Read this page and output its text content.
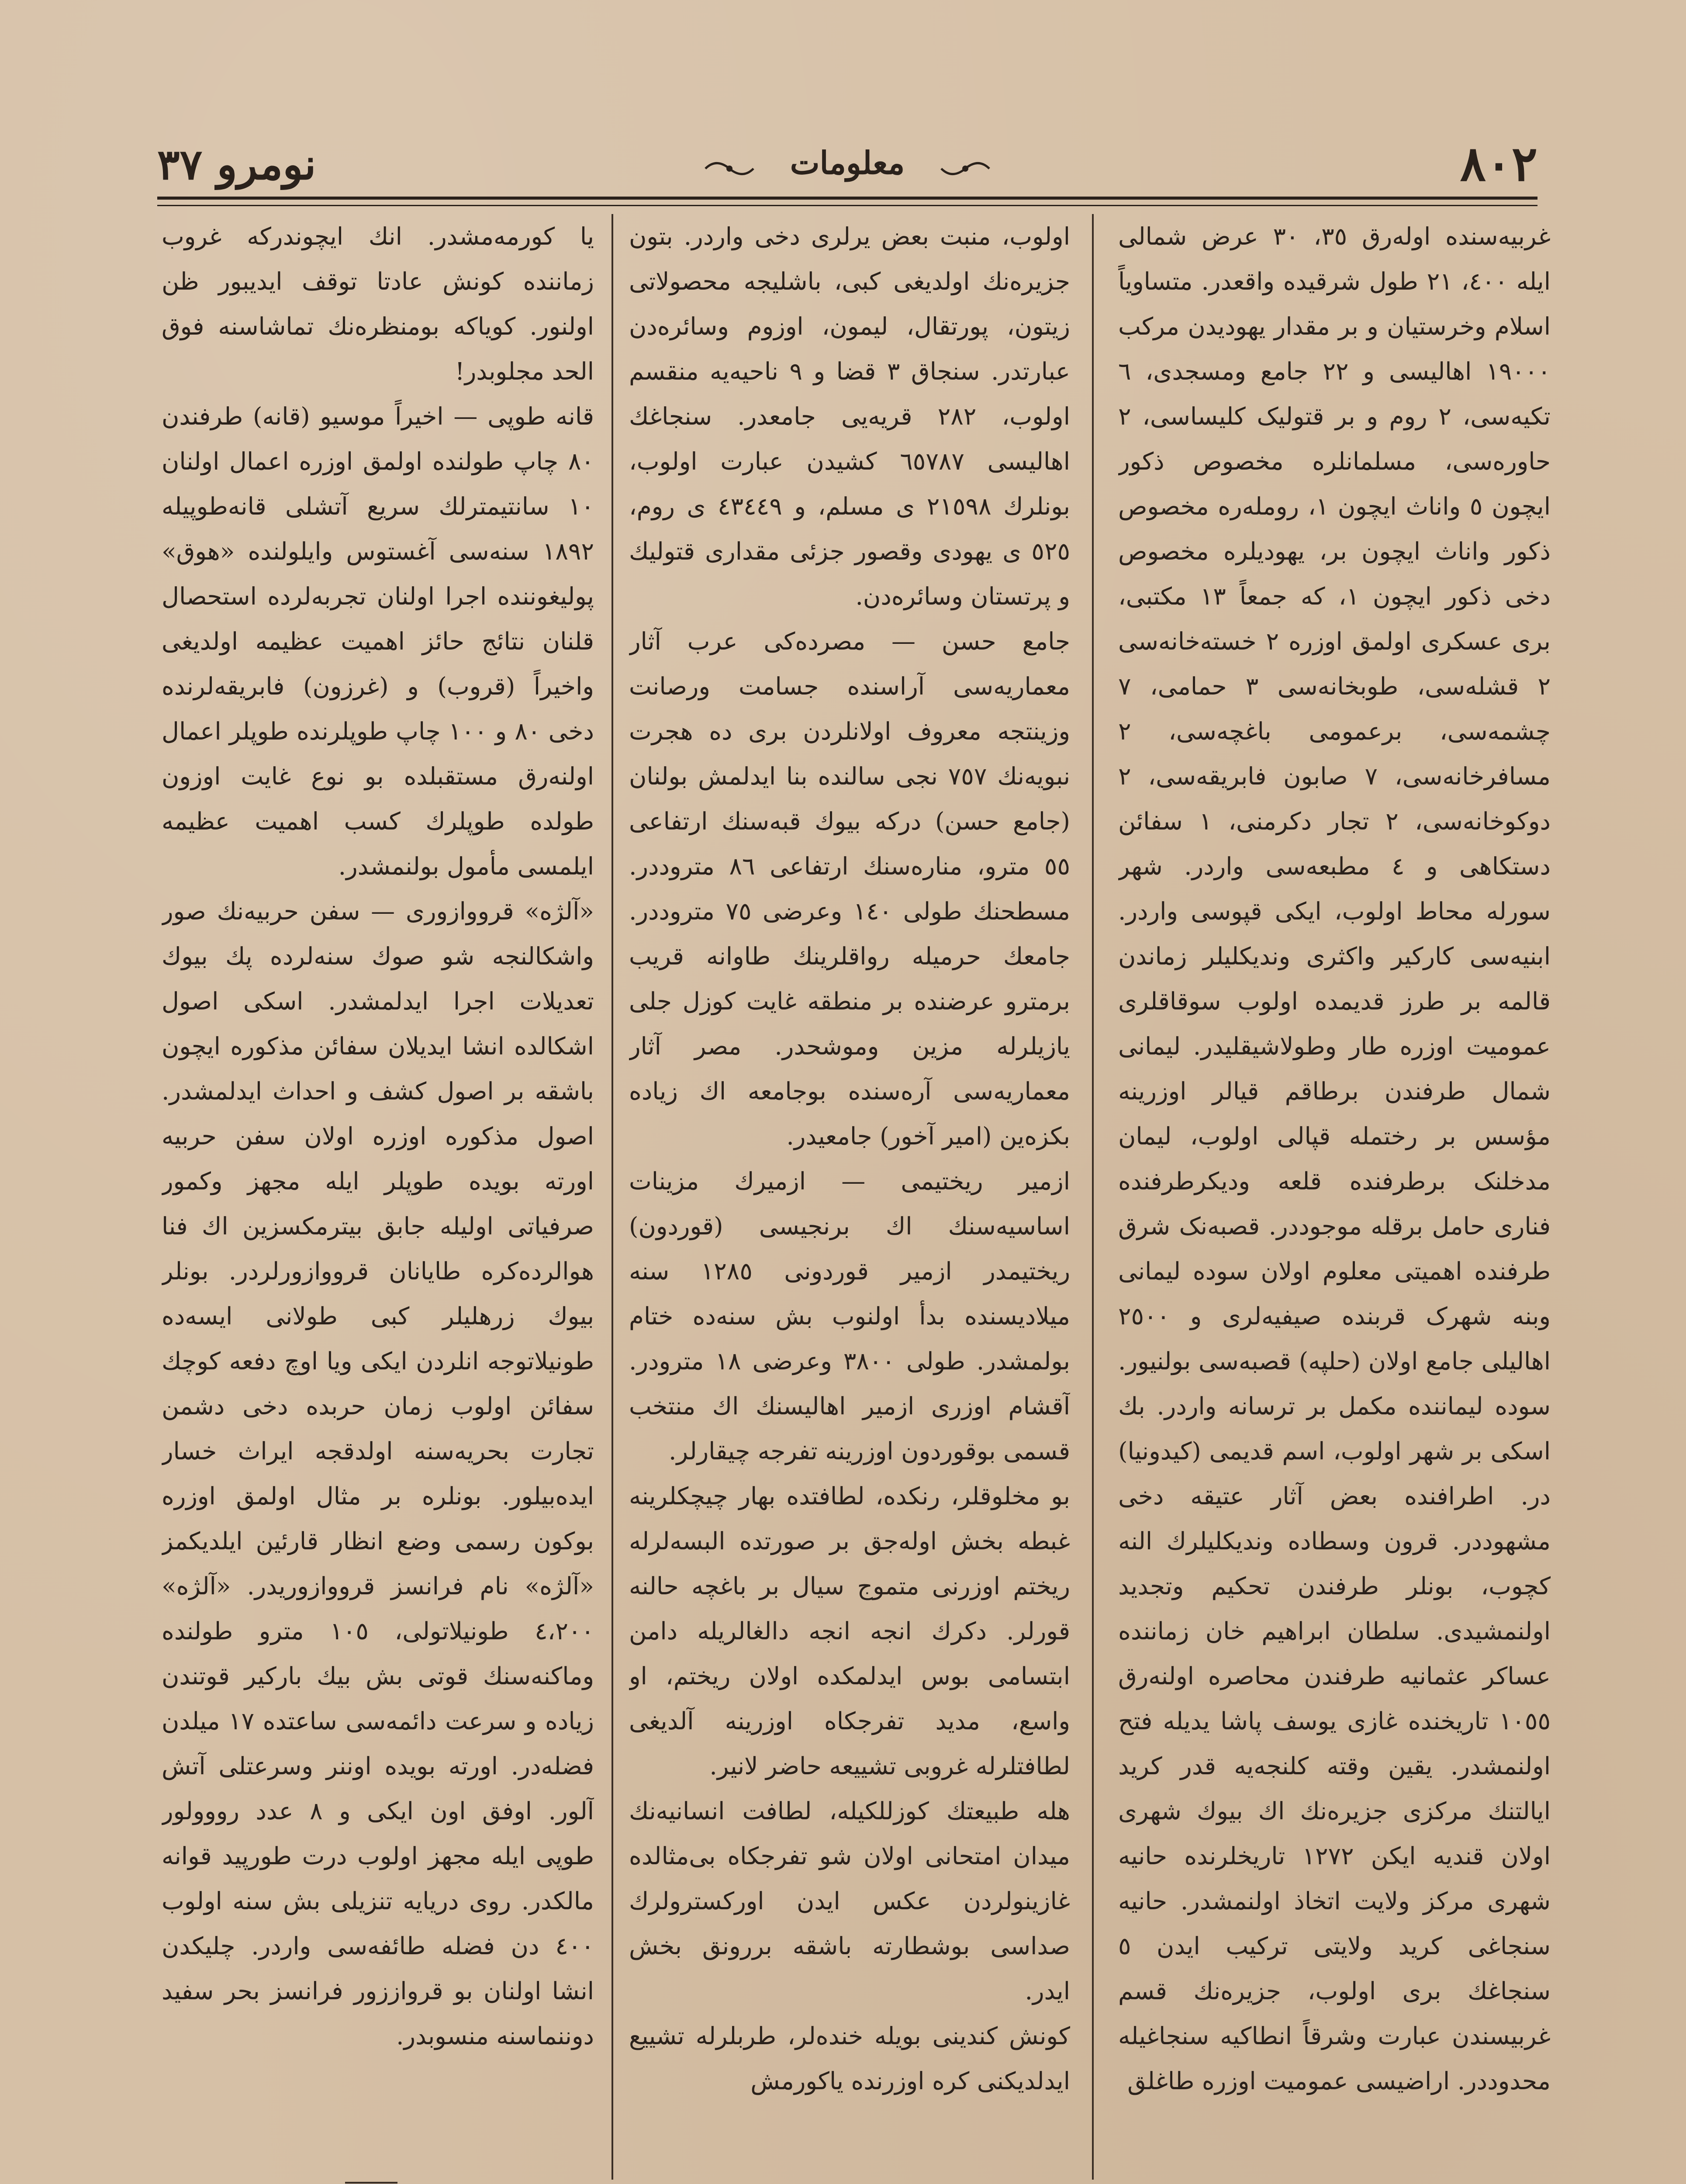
٨٠٢
معلومات
نومرو ٣٧

غربیه‌سنده اوله‌رق ٣٥، ٣٠ عرض شمالی ایله ٤٠٠، ٢١ طول شرقیده واقعدر. متساویاً اسلام وخرستیان و بر مقدار یهودیدن مرکب ١٩٠٠٠ اهالیسی و ٢٢ جامع ومسجدی، ٦ تکیه‌سی، ٢ روم و بر قتولیک کلیساسی، ٢ حاوره‌سی، مسلمانلره مخصوص ذکور ایچون ٥ واناث ایچون ١، رومله‌ره مخصوص ذکور واناث ایچون بر، یهودیلره مخصوص دخی ذکور ایچون ١، که جمعاً ١٣ مکتبی، بری عسکری اولمق اوزره ٢ خسته‌خانه‌سی ٢ قشله‌سی، طوبخانه‌سی ٣ حمامی، ٧ چشمه‌سی، برعمومی باغچه‌سی، ٢ مسافرخانه‌سی، ٧ صابون فابریقه‌سی، ٢ دوکوخانه‌سی، ٢ تجار دکرمنی، ١ سفائن دستکاهی و ٤ مطبعه‌سی واردر. شهر سورله محاط اولوب، ایکی قپوسی واردر. ابنیه‌سی کارکیر واکثری وندیکلیلر زماندن قالمه بر طرز قدیمده اولوب سوقاقلری عمومیت اوزره طار وطولاشیقلیدر. لیمانی شمال طرفندن برطاقم قیالر اوزرینه مؤسس بر رختمله قپالی اولوب، لیمان مدخلنک برطرفنده قلعه ودیکرطرفنده فناری حامل برقله موجوددر. قصبه‌نک شرق طرفنده اهمیتی معلوم اولان سوده لیمانی وبنه شهرک قربنده صیفیه‌لری و ٢٥٠٠ اهالیلی جامع اولان (حلپه) قصبه‌سی بولنیور. سوده لیماننده مکمل بر ترسانه واردر. بك اسکی بر شهر اولوب، اسم قدیمی (کیدونیا) در. اطرافنده بعض آثار عتیقه دخی مشهوددر. قرون وسطاده وندیکلیلرك النه کچوب، بونلر طرفندن تحکیم وتجدید اولنمشیدی. سلطان ابراهیم خان زماننده عساکر عثمانیه طرفندن محاصره اولنه‌رق ١٠٥٥ تاریخنده غازی یوسف پاشا یدیله فتح اولنمشدر. یقین وقته کلنجه‌یه قدر کرید ایالتنك مرکزی جزیره‌نك اك بیوك شهری اولان قندیه ایکن ١٢٧٢ تاریخلرنده حانیه شهری مرکز ولایت اتخاذ اولنمشدر. حانیه سنجاغی کرید ولایتی ترکیب ایدن ٥ سنجاغك بری اولوب، جزیره‌نك قسم غربیسندن عبارت وشرقاً انطاکیه سنجاغیله محدوددر. اراضیسی عمومیت اوزره طاغلق

اولوب، منبت بعض یرلری دخی واردر. بتون جزیره‌نك اولدیغی کبی، باشلیجه محصولاتی زیتون، پورتقال، لیمون، اوزوم وسائره‌دن عبارتدر. سنجاق ٣ قضا و ٩ ناحیه‌یه منقسم اولوب، ٢٨٢ قریه‌یی جامعدر. سنجاغك اهالیسی ٦٥٧٨٧ کشیدن عبارت اولوب، بونلرك ٢١٥٩٨ ی مسلم، و ٤٣٤٤٩ ی روم، ٥٢٥ ی یهودی وقصور جزئی مقداری قتولیك و پرتستان وسائره‌دن.

جامع حسن — مصرده‌کی عرب آثار معماریه‌سی آراسنده جسامت ورصانت وزینتجه معروف اولانلردن بری ده هجرت نبویه‌نك ٧٥٧ نجی سالنده بنا ایدلمش بولنان (جامع حسن) درکه بیوك قبه‌سنك ارتفاعی ٥٥ مترو، مناره‌سنك ارتفاعی ٨٦ متروددر. مسطحنك طولی ١٤٠ وعرضی ٧٥ متروددر. جامعك حرمیله رواقلرینك طاوانه قریب برمترو عرضنده بر منطقه غایت کوزل جلی یازیلرله مزین وموشحدر. مصر آثار معماریه‌سی آره‌سنده بوجامعه اك زیاده بکزه‌ین (امیر آخور) جامعیدر.

ازمیر ریختیمی — ازمیرك مزینات اساسیه‌سنك اك برنجیسی (قوردون) ریختیمدر ازمیر قوردونی ١٢٨٥ سنه میلادیسنده بدأ اولنوب بش سنه‌ده ختام بولمشدر. طولی ٣٨٠٠ وعرضی ١٨ مترودر. آقشام اوزری ازمیر اهالیسنك اك منتخب قسمی بوقوردون اوزرینه تفرجه چیقارلر.

بو مخلوقلر، رنکده، لطافتده بهار چیچکلرینه غبطه بخش اوله‌جق بر صورتده البسه‌لرله ریختم اوزرنی متموج سیال بر باغچه حالنه قورلر. دکرك انجه انجه دالغالریله دامن ابتسامی بوس ایدلمکده اولان ریختم، او واسع، مدید تفرجکاه اوزرینه آلدیغی لطافتلرله غروبی تشییعه حاضر لانیر.

هله طبیعتك کوزللکیله، لطافت انسانیه‌نك میدان امتحانی اولان شو تفرجکاه بی‌مثالده غازینولردن عکس ایدن اورکسترولرك صداسی بوشطارته باشقه بررونق بخش ایدر.

کونش کندینی بویله خنده‌لر، طربلرله تشییع ایدلدیکنی کره اوزرنده یاکورمش

یا کورمه‌مشدر. انك ایچوندرکه غروب زماننده کونش عادتا توقف ایدیبور ظن اولنور. کویاکه بومنظره‌نك تماشاسنه فوق الحد مجلوبدر!

قانه طوپی — اخیراً موسیو (قانه) طرفندن ٨٠ چاپ طولنده اولمق اوزره اعمال اولنان ١٠ سانتیمترلك سریع آتشلی قانه‌طوپیله ١٨٩٢ سنه‌سی آغستوس وایلولنده «هوق» پولیغوننده اجرا اولنان تجربه‌لرده استحصال قلنان نتائج حائز اهمیت عظیمه اولدیغی واخیراً (قروب) و (غرزون) فابریقه‌لرنده دخی ٨٠ و ١٠٠ چاپ طوپلرنده طوپلر اعمال اولنه‌رق مستقبلده بو نوع غایت اوزون طولده طوپلرك کسب اهمیت عظیمه ایلمسی مأمول بولنمشدر.

«آلژه» قرووازوری — سفن حربیه‌نك صور واشکالنجه شو صوك سنه‌لرده پك بیوك تعدیلات اجرا ایدلمشدر. اسکی اصول اشکالده انشا ایدیلان سفائن مذکوره ایچون باشقه بر اصول کشف و احداث ایدلمشدر. اصول مذکوره اوزره اولان سفن حربیه اورته بویده طوپلر ایله مجهز وکمور صرفیاتی اولیله جابق بیترمکسزین اك فنا هوالرده‌کره طایانان قرووازورلردر. بونلر بیوك زرهلیلر کبی طولانی ایسه‌ده طونیلاتوجه انلردن ایکی ویا اوچ دفعه کوچك سفائن اولوب زمان حربده دخی دشمن تجارت بحریه‌سنه اولدقجه ایراث خسار ایده‌بیلور. بونلره بر مثال اولمق اوزره بوکون رسمی وضع انظار قارئین ایلدیکمز «آلژه» نام فرانسز قرووازوریدر. «آلژه» ٤،٢٠٠ طونیلاتولی، ١٠٥ مترو طولنده وماکنه‌سنك قوتی بش بیك بارکیر قوتندن زیاده و سرعت دائمه‌سی ساعتده ١٧ میلدن فضله‌در. اورته بویده اوننر وسرعتلی آتش آلور. اوفق اون ایکی و ٨ عدد رووولور طوپی ایله مجهز اولوب درت طورپید قوانه مالکدر. روی دریایه تنزیلی بش سنه اولوب ٤٠٠ دن فضله طائفه‌سی واردر. چلیکدن انشا اولنان بو قرواززور فرانسز بحر سفید دوننماسنه منسوبدر.
